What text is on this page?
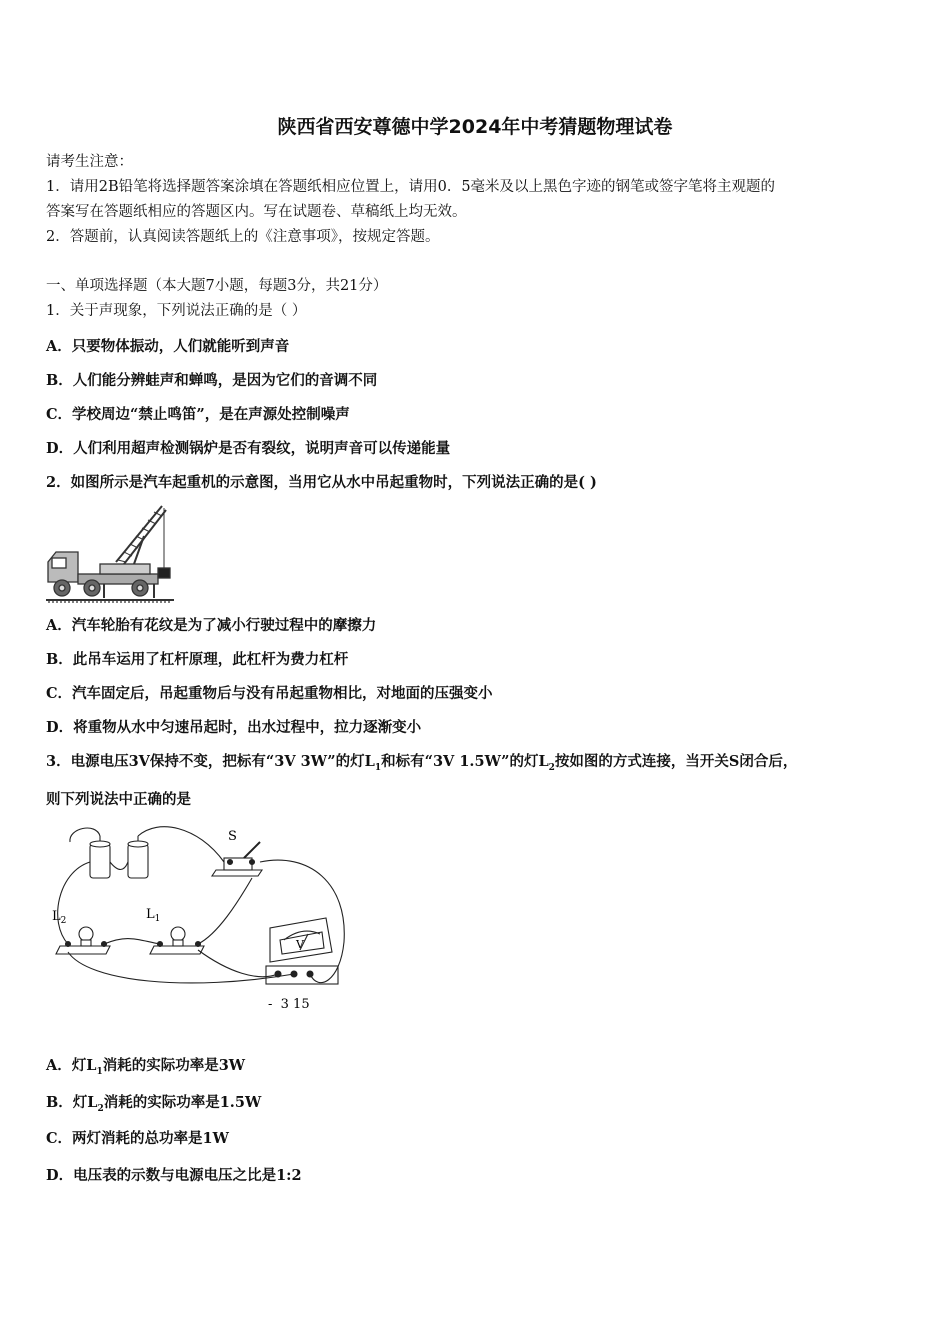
陕西省西安尊德中学2024年中考猜题物理试卷
请考生注意：
1．请用2B铅笔将选择题答案涂填在答题纸相应位置上，请用0．5毫米及以上黑色字迹的钢笔或签字笔将主观题的
答案写在答题纸相应的答题区内。写在试题卷、草稿纸上均无效。
2．答题前，认真阅读答题纸上的《注意事项》，按规定答题。
一、单项选择题（本大题7小题，每题3分，共21分）
1．关于声现象，下列说法正确的是（ ）
A．只要物体振动，人们就能听到声音
B．人们能分辨蛙声和蝉鸣，是因为它们的音调不同
C．学校周边“禁止鸣笛”，是在声源处控制噪声
D．人们利用超声检测锅炉是否有裂纹，说明声音可以传递能量
2．如图所示是汽车起重机的示意图，当用它从水中吊起重物时，下列说法正确的是( )
A．汽车轮胎有花纹是为了减小行驶过程中的摩擦力
B．此吊车运用了杠杆原理，此杠杆为费力杠杆
C．汽车固定后，吊起重物后与没有吊起重物相比，对地面的压强变小
D．将重物从水中匀速吊起时，出水过程中，拉力逐渐变小
3．电源电压3V保持不变，把标有“3V 3W”的灯$L_1$和标有“3V 1.5W”的灯$L_2$按如图的方式连接，当开关S闭合后，
则下列说法中正确的是
S
$L_2$	$L_1$
V
-  3 15
A．灯$L_1$消耗的实际功率是3W
B．灯$L_2$消耗的实际功率是1.5W
C．两灯消耗的总功率是1W
D．电压表的示数与电源电压之比是1:2
